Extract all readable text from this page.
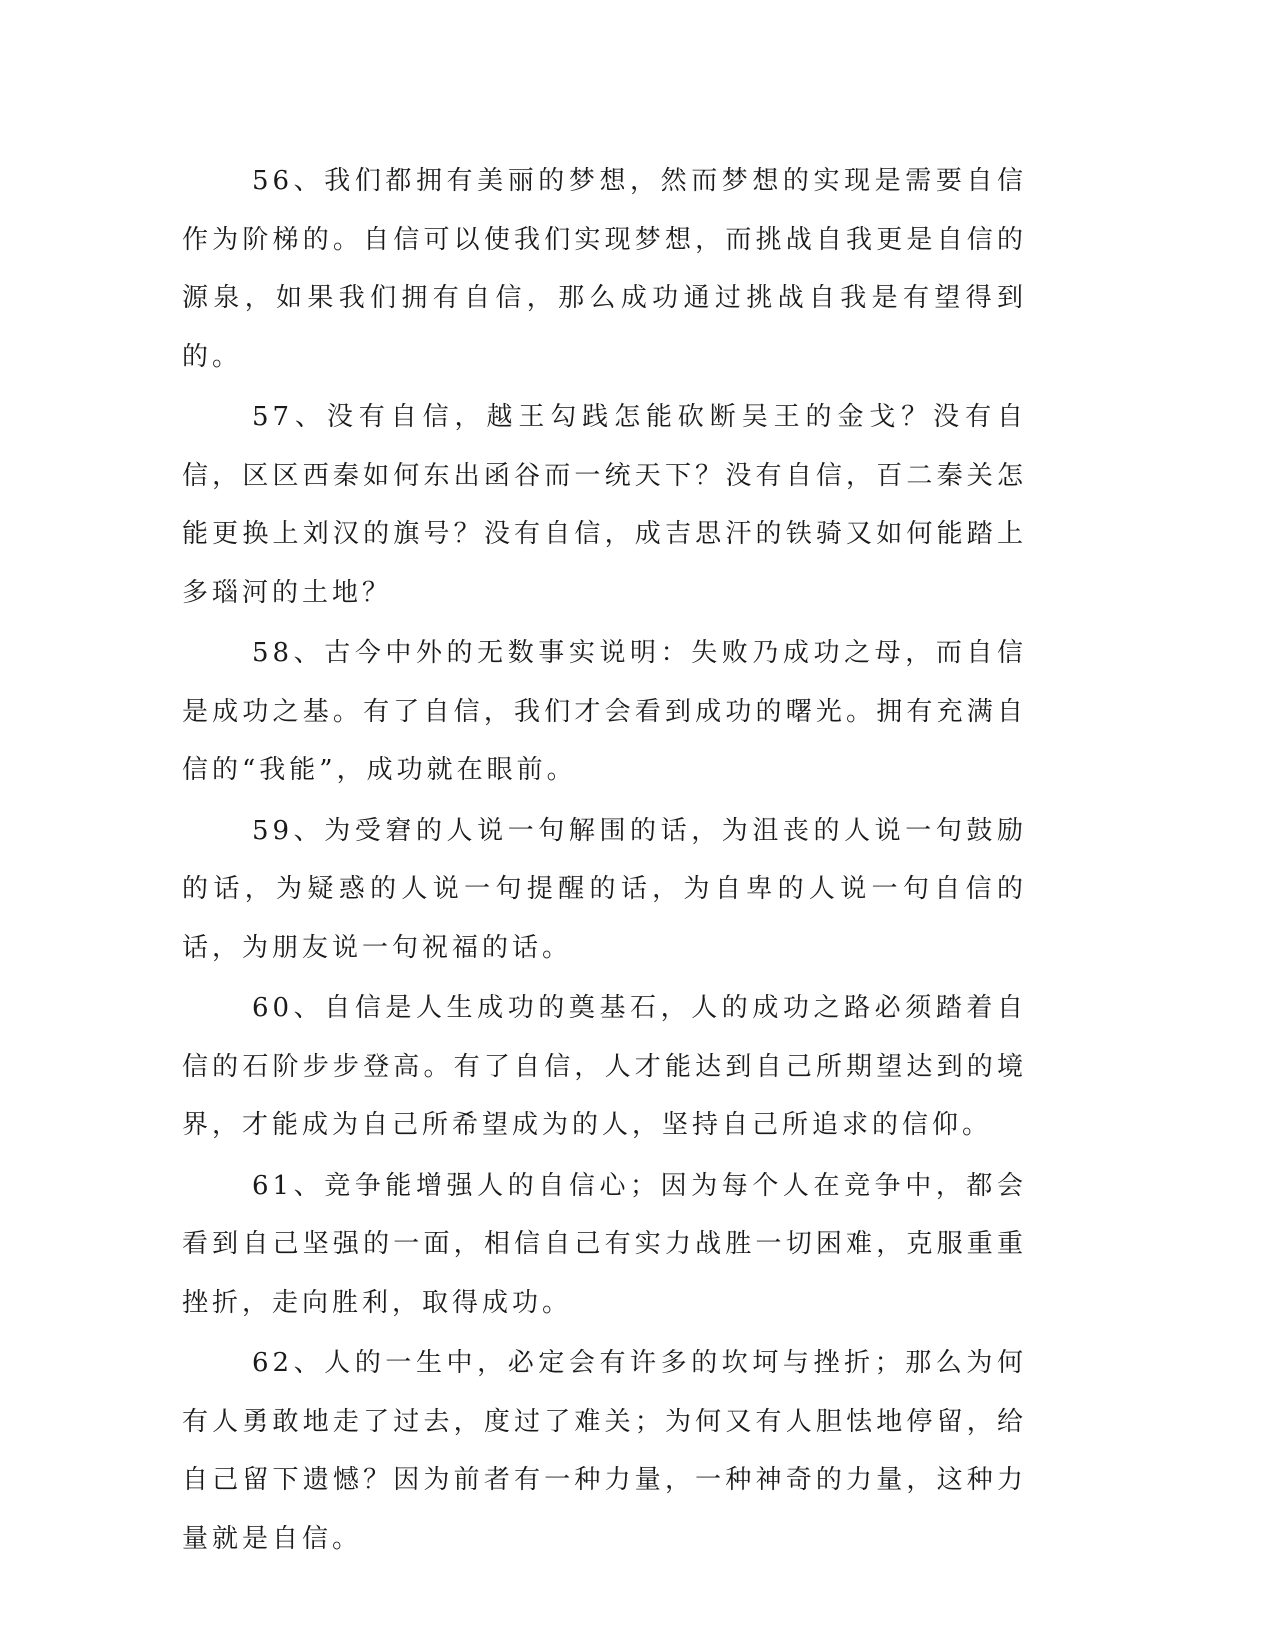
56、我们都拥有美丽的梦想，然而梦想的实现是需要自信作为阶梯的。自信可以使我们实现梦想，而挑战自我更是自信的源泉，如果我们拥有自信，那么成功通过挑战自我是有望得到的。

57、没有自信，越王勾践怎能砍断吴王的金戈？没有自信，区区西秦如何东出函谷而一统天下？没有自信，百二秦关怎能更换上刘汉的旗号？没有自信，成吉思汗的铁骑又如何能踏上多瑙河的土地？

58、古今中外的无数事实说明：失败乃成功之母，而自信是成功之基。有了自信，我们才会看到成功的曙光。拥有充满自信的“我能”，成功就在眼前。

59、为受窘的人说一句解围的话，为沮丧的人说一句鼓励的话，为疑惑的人说一句提醒的话，为自卑的人说一句自信的话，为朋友说一句祝福的话。

60、自信是人生成功的奠基石，人的成功之路必须踏着自信的石阶步步登高。有了自信，人才能达到自己所期望达到的境界，才能成为自己所希望成为的人，坚持自己所追求的信仰。

61、竞争能增强人的自信心；因为每个人在竞争中，都会看到自己坚强的一面，相信自己有实力战胜一切困难，克服重重挫折，走向胜利，取得成功。

62、人的一生中，必定会有许多的坎坷与挫折；那么为何有人勇敢地走了过去，度过了难关；为何又有人胆怯地停留，给自己留下遗憾？因为前者有一种力量，一种神奇的力量，这种力量就是自信。
